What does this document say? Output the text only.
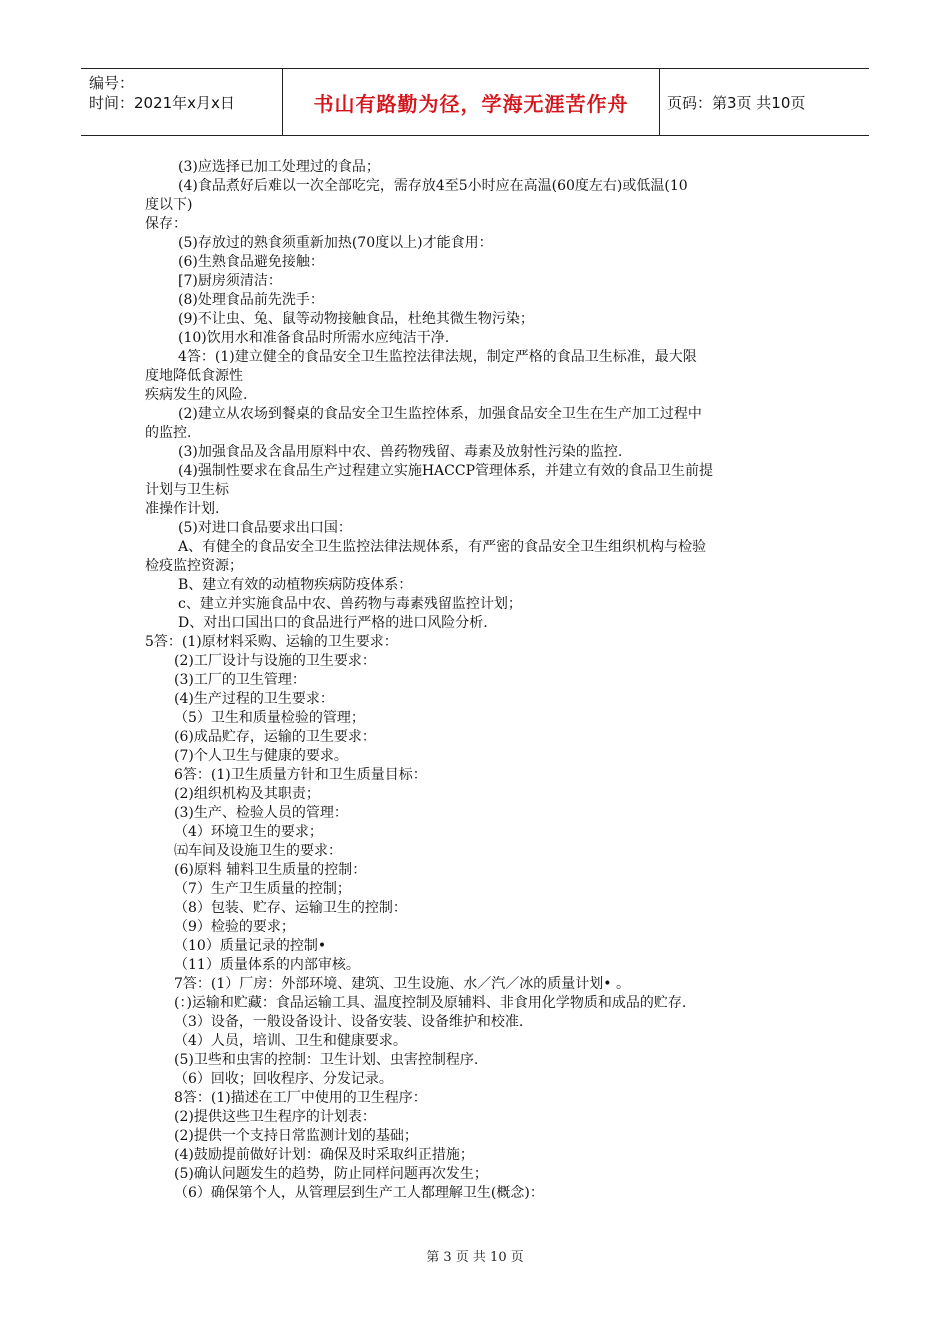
编号：
时间：2021年x月x日	书山有路勤为径，学海无涯苦作舟	页码：第3页 共10页
(3)应选择已加工处理过的食品；
(4)食品煮好后难以一次全部吃完，需存放4至5小时应在高温(60度左右)或低温(10
度以下)
保存：
(5)存放过的熟食须重新加热(70度以上)才能食用：
(6)生熟食品避免接触：
[7)厨房须清洁：
(8)处理食品前先洗手：
(9)不让虫、兔、鼠等动物接触食品，杜绝其微生物污染；
(10)饮用水和准备食品时所需水应纯洁干净.
4答：(1)建立健全的食品安全卫生监控法律法规，制定严格的食品卫生标准，最大限
度地降低食源性
疾病发生的风险.
(2)建立从农场到餐桌的食品安全卫生监控体系，加强食品安全卫生在生产加工过程中
的监控.
(3)加强食品及含晶用原料中农、兽药物残留、毒素及放射性污染的监控.
(4)强制性要求在食品生产过程建立实施HACCP管理体系，并建立有效的食品卫生前提
计划与卫生标
准操作计划.
(5)对进口食品要求出口国：
A、有健全的食品安全卫生监控法律法规体系，有严密的食品安全卫生组织机构与检验
检疫监控资源；
B、建立有效的动植物疾病防疫体系：
c、建立并实施食品中农、兽药物与毒素残留监控计划；
D、对出口国出口的食品进行严格的进口风险分析.
5答：(1)原材料采购、运输的卫生要求：
(2)工厂设计与设施的卫生要求：
(3)工厂的卫生管理：
(4)生产过程的卫生要求：
（5）卫生和质量检验的管理；
(6)成品贮存，运输的卫生要求：
(7)个人卫生与健康的要求。
6答：(1)卫生质量方针和卫生质量目标：
(2)组织机构及其职责；
(3)生产、检验人员的管理：
（4）环境卫生的要求；
㈤车间及设施卫生的要求：
(6)原料 辅料卫生质量的控制：
（7）生产卫生质量的控制；
（8）包装、贮存、运输卫生的控制：
（9）检验的要求；
（10）质量记录的控制•
（11）质量体系的内部审核。
7答：(1）厂房：外部环境、建筑、卫生设施、水／汽／冰的质量计划• 。
(：)运输和贮藏：食品运输工具、温度控制及原辅料、非食用化学物质和成品的贮存.
（3）设备，一般设备设计、设备安装、设备维护和校准.
（4）人员，培训、卫生和健康要求。
(5)卫些和虫害的控制：卫生计划、虫害控制程序.
（6）回收；回收程序、分发记录。
8答：(1)描述在工厂中使用的卫生程序：
(2)提供这些卫生程序的计划表：
(2)提供一个支持日常监测计划的基础；
(4)鼓励提前做好计划：确保及时采取纠正措施；
(5)确认问题发生的趋势，防止同样问题再次发生；
（6）确保第个人，从管理层到生产工人都理解卫生(概念)：
第 3 页 共 10 页
